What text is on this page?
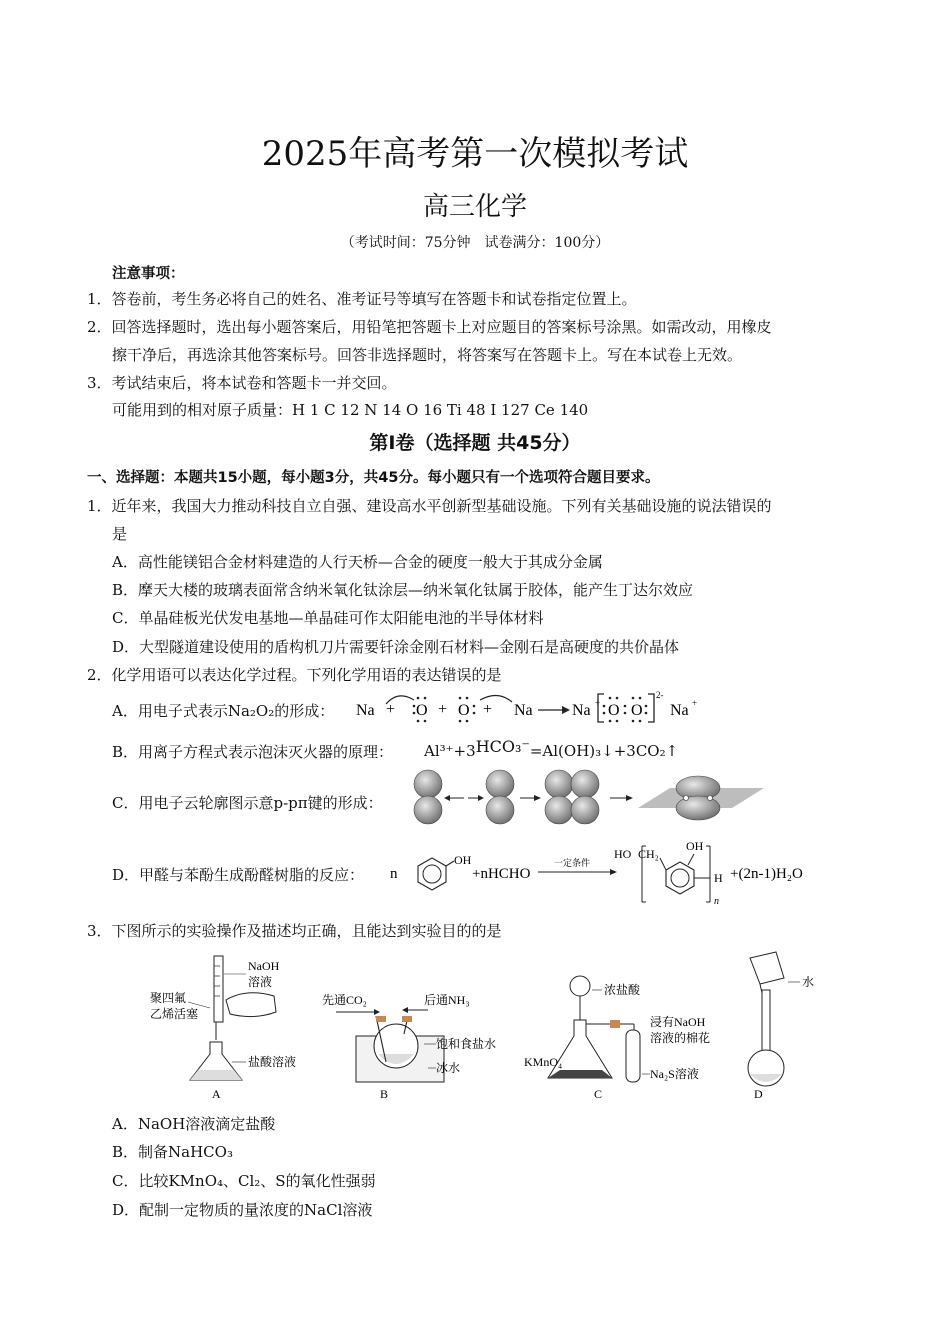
2025年高考第一次模拟考试
高三化学
（考试时间：75分钟　试卷满分：100分）
注意事项：
1．答卷前，考生务必将自己的姓名、准考证号等填写在答题卡和试卷指定位置上。
2．回答选择题时，选出每小题答案后，用铅笔把答题卡上对应题目的答案标号涂黑。如需改动，用橡皮
擦干净后，再选涂其他答案标号。回答非选择题时，将答案写在答题卡上。写在本试卷上无效。
3．考试结束后，将本试卷和答题卡一并交回。
可能用到的相对原子质量：H 1 C 12 N 14 O 16 Ti 48 I 127 Ce 140
第Ⅰ卷（选择题 共45分）
一、选择题：本题共15小题，每小题3分，共45分。每小题只有一个选项符合题目要求。
1．近年来，我国大力推动科技自立自强、建设高水平创新型基础设施。下列有关基础设施的说法错误的
是
A．高性能镁铝合金材料建造的人行天桥—合金的硬度一般大于其成分金属
B．摩天大楼的玻璃表面常含纳米氧化钛涂层—纳米氧化钛属于胶体，能产生丁达尔效应
C．单晶硅板光伏发电基地—单晶硅可作太阳能电池的半导体材料
D．大型隧道建设使用的盾构机刀片需要钎涂金刚石材料—金刚石是高硬度的共价晶体
2．化学用语可以表达化学过程。下列化学用语的表达错误的是
A．用电子式表示Na₂O₂的形成： Na + O + O + Na Na + O O
2-
Na +
B．用离子方程式表示泡沫灭火器的原理： Al³⁺+3HCO₃⁻=Al(OH)₃↓+3CO₂↑
C．用电子云轮廓图示意p-pπ键的形成：
D．甲醛与苯酚生成酚醛树脂的反应： n
OH
+nHCHO
一定条件
HO CH₂
OH
H
n
+(2n-1)H₂O
3．下图所示的实验操作及描述均正确，且能达到实验目的的是
NaOH
溶液
聚四氟
乙烯活塞
盐酸溶液
A
先通CO₂	后通NH₃
饱和食盐水
冰水
B
浓盐酸
浸有NaOH
溶液的棉花
KMnO₄
Na₂S溶液
C
水
D
A．NaOH溶液滴定盐酸
B．制备NaHCO₃
C．比较KMnO₄、Cl₂、S的氧化性强弱
D．配制一定物质的量浓度的NaCl溶液
